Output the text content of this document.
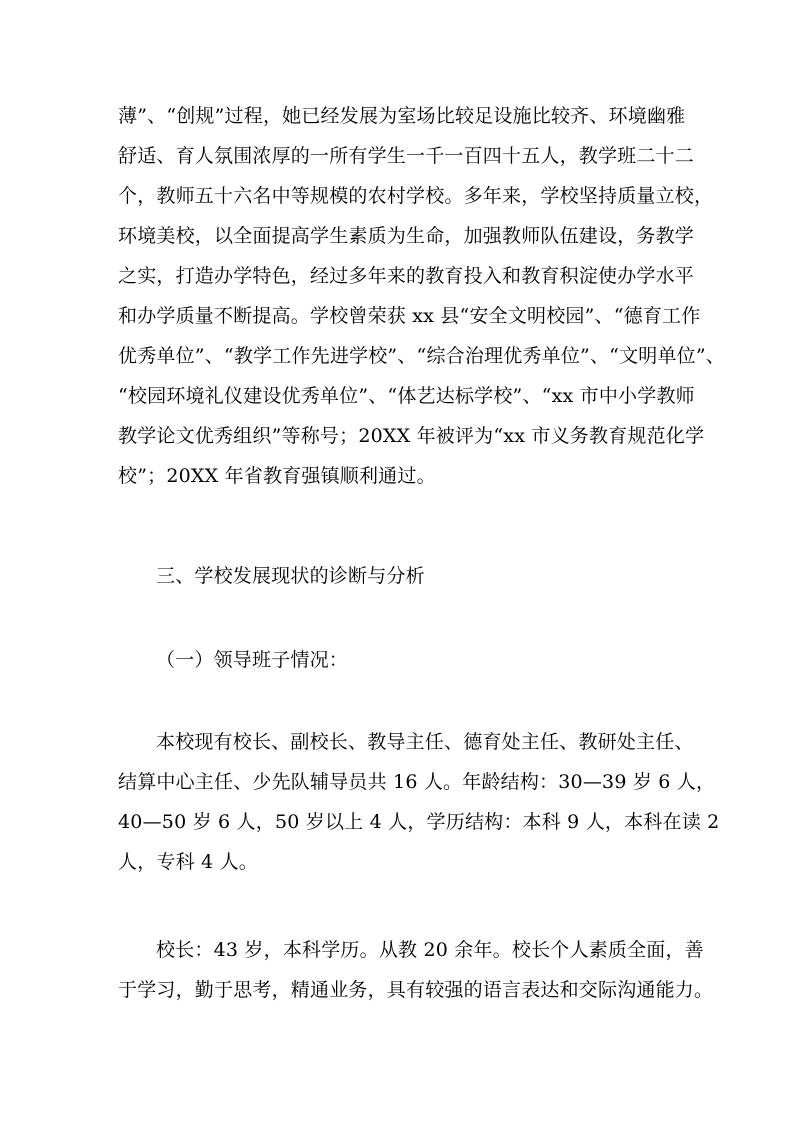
薄”、“创规”过程，她已经发展为室场比较足设施比较齐、环境幽雅
舒适、育人氛围浓厚的一所有学生一千一百四十五人，教学班二十二
个，教师五十六名中等规模的农村学校。多年来，学校坚持质量立校，
环境美校，以全面提高学生素质为生命，加强教师队伍建设，务教学
之实，打造办学特色，经过多年来的教育投入和教育积淀使办学水平
和办学质量不断提高。学校曾荣获 xx 县“安全文明校园”、“德育工作
优秀单位”、“教学工作先进学校”、“综合治理优秀单位”、“文明单位”、
“校园环境礼仪建设优秀单位”、“体艺达标学校”、“xx 市中小学教师
教学论文优秀组织”等称号；20XX 年被评为“xx 市义务教育规范化学
校”；20XX 年省教育强镇顺利通过。
三、学校发展现状的诊断与分析
（一）领导班子情况：
本校现有校长、副校长、教导主任、德育处主任、教研处主任、
结算中心主任、少先队辅导员共 16 人。年龄结构：30—39 岁 6 人，
40—50 岁 6 人，50 岁以上 4 人，学历结构：本科 9 人，本科在读 2
人，专科 4 人。
校长：43 岁，本科学历。从教 20 余年。校长个人素质全面，善
于学习，勤于思考，精通业务，具有较强的语言表达和交际沟通能力。
